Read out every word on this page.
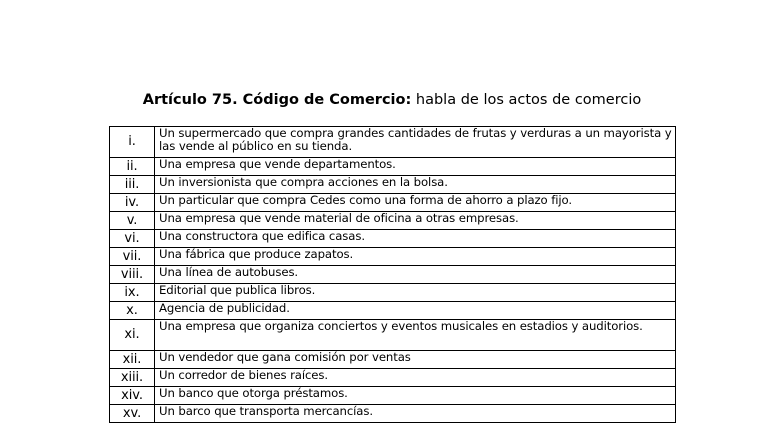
Artículo 75. Código de Comercio: habla de los actos de comercio
i.	Un supermercado que compra grandes cantidades de frutas y verduras a un mayorista y las vende al público en su tienda.
ii.	Una empresa que vende departamentos.
iii.	Un inversionista que compra acciones en la bolsa.
iv.	Un particular que compra Cedes como una forma de ahorro a plazo fijo.
v.	Una empresa que vende material de oficina a otras empresas.
vi.	Una constructora que edifica casas.
vii.	Una fábrica que produce zapatos.
viii.	Una línea de autobuses.
ix.	Editorial que publica libros.
x.	Agencia de publicidad.
xi.	Una empresa que organiza conciertos y eventos musicales en estadios y auditorios.
xii.	Un vendedor que gana comisión por ventas
xiii.	Un corredor de bienes raíces.
xiv.	Un banco que otorga préstamos.
xv.	Un barco que transporta mercancías.
